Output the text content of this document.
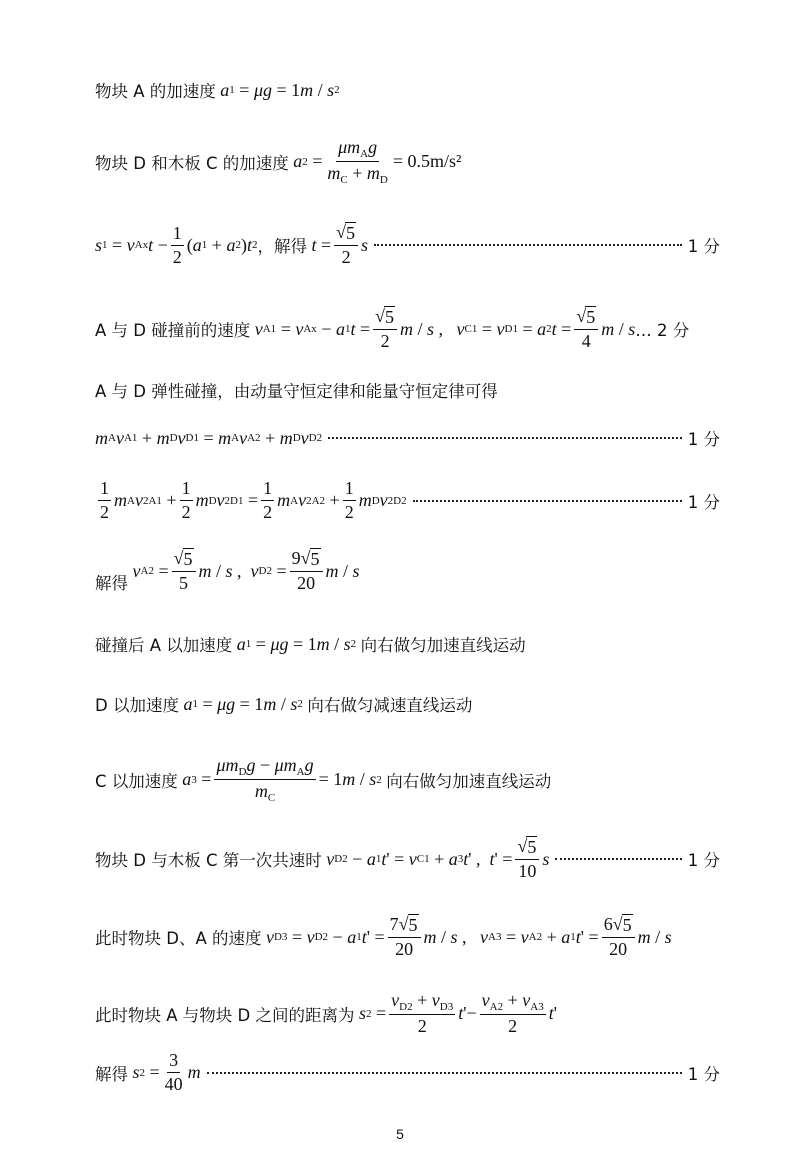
物块 A 的加速度
a 1 = μg = 1 m / s 2
物块 D 和木板 C 的加速度
a $2 = \frac{\mu m_Ag}{m_C + m_D} = 0.5m/s^2$
s 1 = v Ax $t - \frac{1}{2}$ ( a 1 + a 2 ) t 2 ，解得
$t = \frac{√ 5}{2}$ s	1 分
A 与 D 碰撞前的速度
v A1 = v Ax − a 1 $t = \frac{√ 5}{2}$ m / s , v C1 = v D1 = a 2 $t = \frac{√ 5}{4}$ m / s … 2 分
A 与 D 弹性碰撞，由动量守恒定律和能量守恒定律可得
m A v A1 + m D v D1 = m A v A2 + m D v D2	1 分
$\frac{1}{2}$ m A v 2 $A1 + \frac{1}{2}$ m D v 2 $D1 = \frac{1}{2}$ m A v 2 $A2 + \frac{1}{2}$ m D v 2 D2	1 分
解得

v $A2 = \frac{√ 5}{5}$ m / s , v $D2 = \frac{9 √ 5}{20}$ m / s
碰撞后 A 以加速度
a 1 = μg = 1 m / s 2
向右做匀加速直线运动
D 以加速度
a 1 = μg = 1 m / s 2
向右做匀减速直线运动
C 以加速度
a $3 = \frac{\mu m_Dg - \mu m_Ag}{m_C} = 1$ m / s 2
向右做匀加速直线运动
物块 D 与木板 C 第一次共速时
v D2 − a 1 t ' = v C1 + a 3 t ' , t ' = $\frac{√ 5}{10}$ s	1 分
此时物块 D、A 的速度
v D3 = v D2 − a 1 t ' = $\frac{7 √ 5}{20}$ m / s , v A3 = v A2 + a 1 t ' = $\frac{6 √ 5}{20}$ m / s
此时物块 A 与物块 D 之间的距离为
s $2 = \frac{v_{D2} + v_{D3}}{2}$ t '− $\frac{v_{A2} + v_{A3}}{2}$ t '
解得
s $2 = \frac{3}{40}$ m	1 分
5
